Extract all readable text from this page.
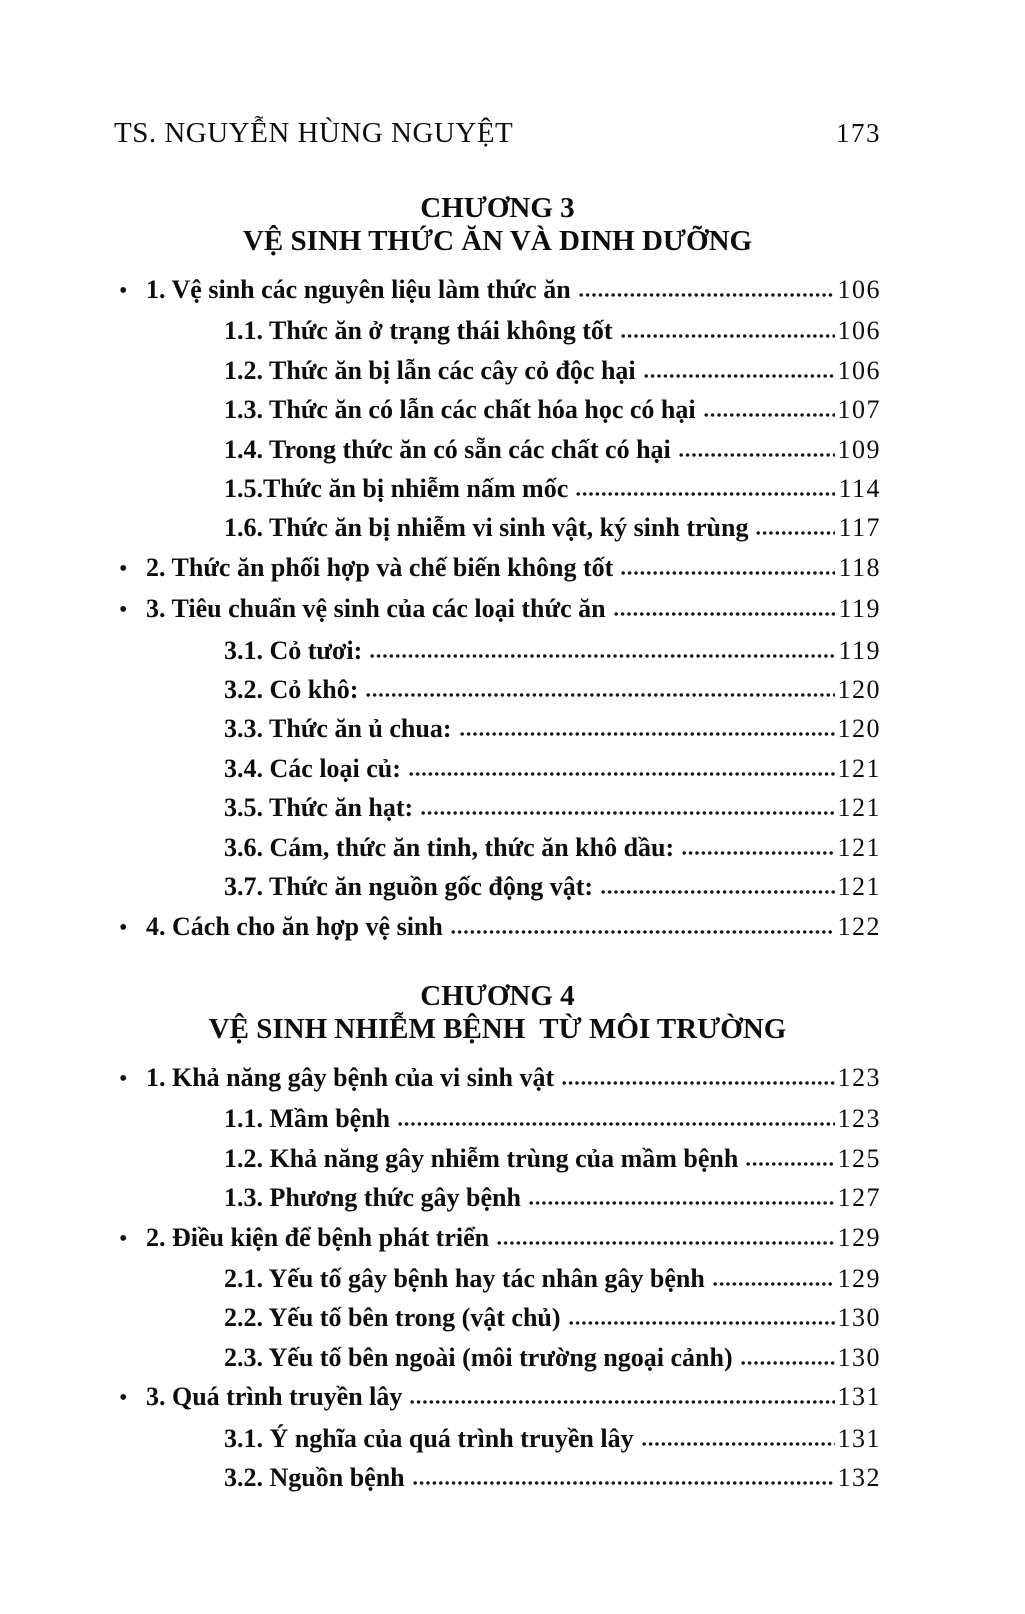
TS. NGUYỄN HÙNG NGUYỆT	173
CHƯƠNG 3
VỆ SINH THỨC ĂN VÀ DINH DƯỠNG
• 1. Vệ sinh các nguyên liệu làm thức ăn	106
1.1. Thức ăn ở trạng thái không tốt	106
1.2. Thức ăn bị lẫn các cây cỏ độc hại	106
1.3. Thức ăn có lẫn các chất hóa học có hại	107
1.4. Trong thức ăn có sẵn các chất có hại	109
1.5.Thức ăn bị nhiễm nấm mốc	114
1.6. Thức ăn bị nhiễm vi sinh vật, ký sinh trùng	117
• 2. Thức ăn phối hợp và chế biến không tốt	118
• 3. Tiêu chuẩn vệ sinh của các loại thức ăn	119
3.1. Cỏ tươi:	119
3.2. Cỏ khô:	120
3.3. Thức ăn ủ chua:	120
3.4. Các loại củ:	121
3.5. Thức ăn hạt:	121
3.6. Cám, thức ăn tinh, thức ăn khô dầu:	121
3.7. Thức ăn nguồn gốc động vật:	121
• 4. Cách cho ăn hợp vệ sinh	122
CHƯƠNG 4
VỆ SINH NHIỄM BỆNH  TỪ MÔI TRƯỜNG
• 1. Khả năng gây bệnh của vi sinh vật	123
1.1. Mầm bệnh	123
1.2. Khả năng gây nhiễm trùng của mầm bệnh	125
1.3. Phương thức gây bệnh	127
• 2. Điều kiện để bệnh phát triển	129
2.1. Yếu tố gây bệnh hay tác nhân gây bệnh	129
2.2. Yếu tố bên trong (vật chủ)	130
2.3. Yếu tố bên ngoài (môi trường ngoại cảnh)	130
• 3. Quá trình truyền lây	131
3.1. Ý nghĩa của quá trình truyền lây	131
3.2. Nguồn bệnh	132
